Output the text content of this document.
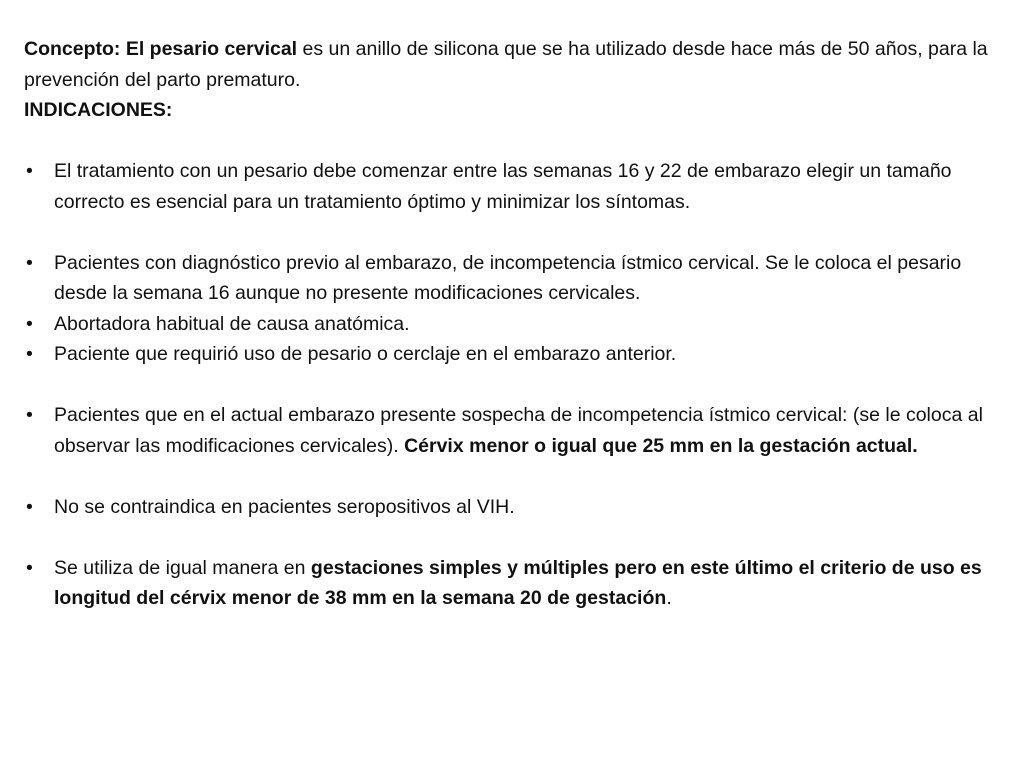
Concepto: El pesario cervical es un anillo de silicona que se ha utilizado desde hace más de 50 años, para la prevención del parto prematuro.

INDICACIONES:

• El tratamiento con un pesario debe comenzar entre las semanas 16 y 22 de embarazo elegir un tamaño correcto es esencial para un tratamiento óptimo y minimizar los síntomas.

• Pacientes con diagnóstico previo al embarazo, de incompetencia ístmico cervical. Se le coloca el pesario desde la semana 16 aunque no presente modificaciones cervicales.

• Abortadora habitual de causa anatómica.

• Paciente que requirió uso de pesario o cerclaje en el embarazo anterior.

• Pacientes que en el actual embarazo presente sospecha de incompetencia ístmico cervical: (se le coloca al observar las modificaciones cervicales). Cérvix menor o igual que 25 mm en la gestación actual.

• No se contraindica en pacientes seropositivos al VIH.

• Se utiliza de igual manera en gestaciones simples y múltiples pero en este último el criterio de uso es longitud del cérvix menor de 38 mm en la semana 20 de gestación.
